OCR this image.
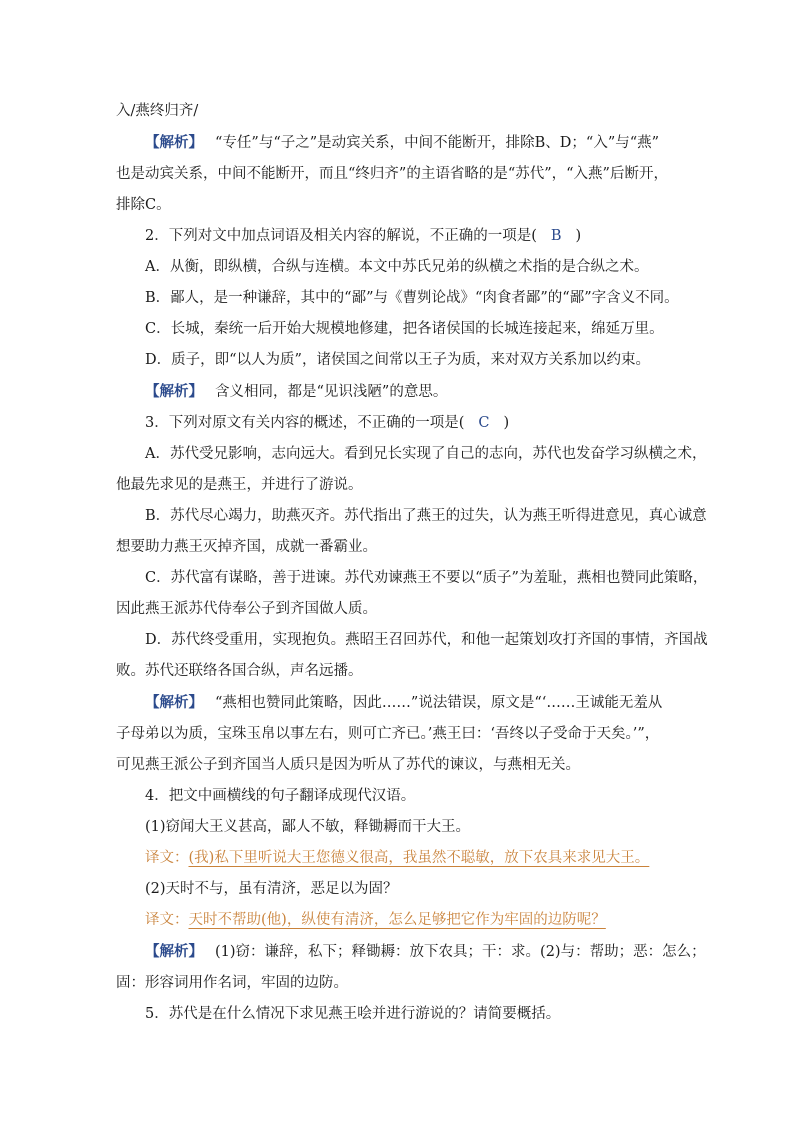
入/燕终归齐/

【解析】 “专任”与“子之”是动宾关系，中间不能断开，排除B、D；“入”与“燕”

也是动宾关系，中间不能断开，而且“终归齐”的主语省略的是“苏代”，“入燕”后断开，

排除C。

2．下列对文中加点词语及相关内容的解说，不正确的一项是( B )

A．从衡，即纵横，合纵与连横。本文中苏氏兄弟的纵横之术指的是合纵之术。

B．鄙人，是一种谦辞，其中的“鄙”与《曹刿论战》“肉食者鄙”的“鄙”字含义不同。

C．长城，秦统一后开始大规模地修建，把各诸侯国的长城连接起来，绵延万里。

D．质子，即“以人为质”，诸侯国之间常以王子为质，来对双方关系加以约束。

【解析】 含义相同，都是“见识浅陋”的意思。

3．下列对原文有关内容的概述，不正确的一项是( C )

A．苏代受兄影响，志向远大。看到兄长实现了自己的志向，苏代也发奋学习纵横之术，

他最先求见的是燕王，并进行了游说。

B．苏代尽心竭力，助燕灭齐。苏代指出了燕王的过失，认为燕王听得进意见，真心诚意

想要助力燕王灭掉齐国，成就一番霸业。

C．苏代富有谋略，善于进谏。苏代劝谏燕王不要以“质子”为羞耻，燕相也赞同此策略，

因此燕王派苏代侍奉公子到齐国做人质。

D．苏代终受重用，实现抱负。燕昭王召回苏代，和他一起策划攻打齐国的事情，齐国战

败。苏代还联络各国合纵，声名远播。

【解析】 “燕相也赞同此策略，因此……”说法错误，原文是“‘……王诚能无羞从

子母弟以为质，宝珠玉帛以事左右，则可亡齐已。’燕王曰：‘吾终以子受命于天矣。’”，

可见燕王派公子到齐国当人质只是因为听从了苏代的谏议，与燕相无关。

4．把文中画横线的句子翻译成现代汉语。

(1)窃闻大王义甚高，鄙人不敏，释锄耨而干大王。

译文：(我)私下里听说大王您德义很高，我虽然不聪敏，放下农具来求见大王。

(2)天时不与，虽有清济，恶足以为固？

译文：天时不帮助(他)，纵使有清济，怎么足够把它作为牢固的边防呢？

【解析】 (1)窃：谦辞，私下；释锄耨：放下农具；干：求。(2)与：帮助；恶：怎么；

固：形容词用作名词，牢固的边防。

5．苏代是在什么情况下求见燕王哙并进行游说的？请简要概括。
